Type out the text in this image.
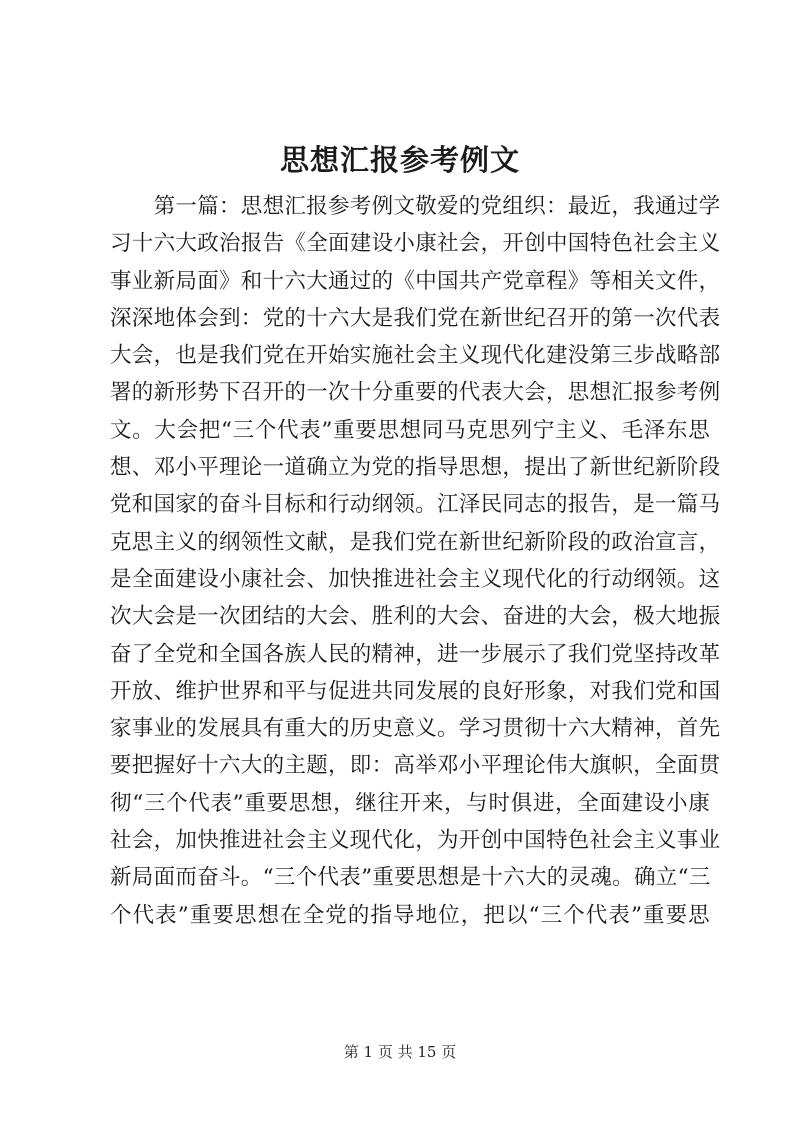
思想汇报参考例文
　　第一篇：思想汇报参考例文敬爱的党组织：最近，我通过学
习十六大政治报告《全面建设小康社会，开创中国特色社会主义
事业新局面》和十六大通过的《中国共产党章程》等相关文件，
深深地体会到：党的十六大是我们党在新世纪召开的第一次代表
大会，也是我们党在开始实施社会主义现代化建没第三步战略部
署的新形势下召开的一次十分重要的代表大会，思想汇报参考例
文。大会把“三个代表”重要思想同马克思列宁主义、毛泽东思
想、邓小平理论一道确立为党的指导思想，提出了新世纪新阶段
党和国家的奋斗目标和行动纲领。江泽民同志的报告，是一篇马
克思主义的纲领性文献，是我们党在新世纪新阶段的政治宣言，
是全面建设小康社会、加快推进社会主义现代化的行动纲领。这
次大会是一次团结的大会、胜利的大会、奋进的大会，极大地振
奋了全党和全国各族人民的精神，进一步展示了我们党坚持改革
开放、维护世界和平与促进共同发展的良好形象，对我们党和国
家事业的发展具有重大的历史意义。学习贯彻十六大精神，首先
要把握好十六大的主题，即：高举邓小平理论伟大旗帜，全面贯
彻“三个代表”重要思想，继往开来，与时俱进，全面建设小康
社会，加快推进社会主义现代化，为开创中国特色社会主义事业
新局面而奋斗。“三个代表”重要思想是十六大的灵魂。确立“三
个代表”重要思想在全党的指导地位，把以“三个代表”重要思
第 1 页 共 15 页
